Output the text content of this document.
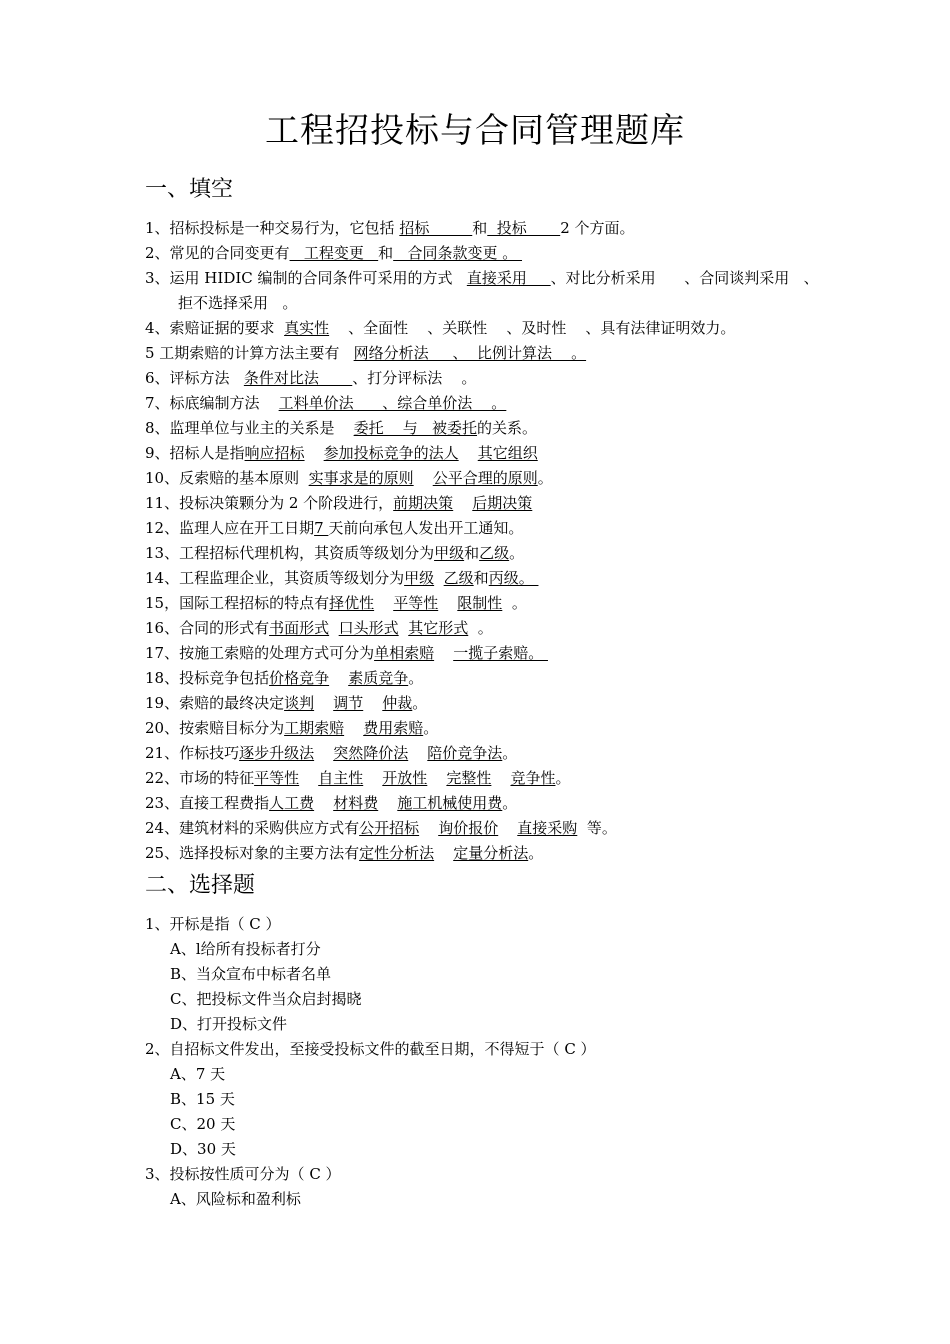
工程招投标与合同管理题库
一、填空

1、招标投标是一种交易行为，它包括 招标         和  投标       2 个方面。

2、常见的合同变更有   工程变更   和   合同条款变更 。

3、运用 HIDIC 编制的合同条件可采用的方式   直接采用     、对比分析采用      、合同谈判采用   、拒不选择采用   。

4、索赔证据的要求  真实性    、全面性    、关联性    、及时性    、具有法律证明效力。

5 工期索赔的计算方法主要有   网络分析法     、  比例计算法    。

6、评标方法   条件对比法       、打分评标法    。

7、标底编制方法    工料单价法      、综合单价法    。

8、监理单位与业主的关系是    委托    与   被委托的关系。

9、招标人是指响应招标 参加投标竞争的法人 其它组织

10、反索赔的基本原则  实事求是的原则 公平合理的原则。

11、投标决策颗分为 2 个阶段进行，前期决策 后期决策

12、监理人应在开工日期7 天前向承包人发出开工通知。

13、工程招标代理机构，其资质等级划分为甲级和乙级。

14、工程监理企业，其资质等级划分为甲级 乙级和丙级。

15，国际工程招标的特点有择优性 平等性 限制性  。

16、合同的形式有书面形式 口头形式 其它形式  。

17、按施工索赔的处理方式可分为单相索赔 一揽子索赔。

18、投标竞争包括价格竞争 素质竞争。

19、索赔的最终决定谈判 调节 仲裁。

20、按索赔目标分为工期索赔 费用索赔。

21、作标技巧逐步升级法 突然降价法 陪价竞争法。

22、市场的特征平等性 自主性 开放性 完整性 竞争性。

23、直接工程费指人工费 材料费 施工机械使用费。

24、建筑材料的采购供应方式有公开招标 询价报价 直接采购  等。

25、选择投标对象的主要方法有定性分析法 定量分析法。

二、选择题

1、开标是指（ C ）

A、l给所有投标者打分

B、当众宣布中标者名单

C、把投标文件当众启封揭晓

D、打开投标文件

2、自招标文件发出，至接受投标文件的截至日期，不得短于（ C ）

A、7 天

B、15 天

C、20 天

D、30 天

3、投标按性质可分为（ C ）

A、风险标和盈利标
